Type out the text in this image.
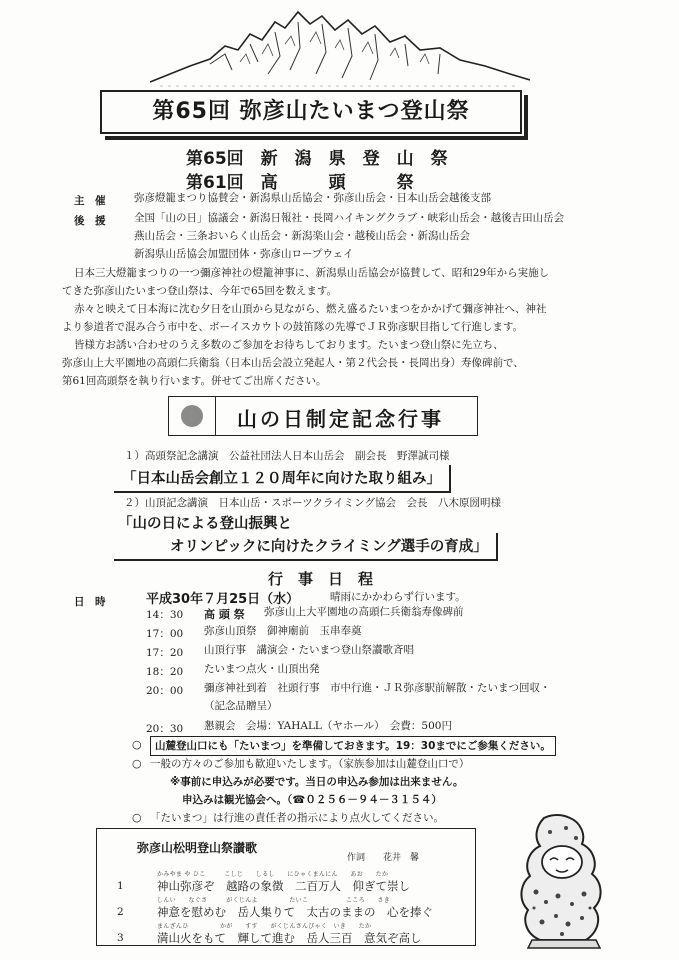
第65回 弥彦山たいまつ登山祭
第65回　新　潟　県　登　山　祭
第61回　高　　　頭　　　祭
主　催	弥彦燈籠まつり協賛会・新潟県山岳協会・弥彦山岳会・日本山岳会越後支部
後　援	全国「山の日」協議会・新潟日報社・長岡ハイキングクラブ・峡彩山岳会・越後吉田山岳会
燕山岳会・三条おいらく山岳会・新潟楽山会・越稜山岳会・新潟山岳会
新潟県山岳協会加盟団体・弥彦山ロープウェイ
日本三大燈籠まつりの一つ彌彦神社の燈籠神事に、新潟県山岳協会が協賛して、昭和29年から実施し
てきた弥彦山たいまつ登山祭は、今年で65回を数えます。
赤々と映えて日本海に沈む夕日を山頂から見ながら、燃え盛るたいまつをかかげて彌彦神社へ、神社
より参道者で混み合う市中を、ボーイスカウトの鼓笛隊の先導でＪＲ弥彦駅目指して行進します。
皆様方お誘い合わせのうえ多数のご参加をお待ちしております。たいまつ登山祭に先立ち、
弥彦山上大平園地の高頭仁兵衛翁（日本山岳会設立発起人・第２代会長・長岡出身）寿像碑前で、
第61回高頭祭を執り行います。併せてご出席ください。
山の日制定記念行事
１）高頭祭記念講演　公益社団法人日本山岳会　副会長　野澤誠司様
「日本山岳会創立１２０周年に向けた取り組み」
２）山頂記念講演　日本山岳・スポーツクライミング協会　会長　八木原圀明様
「山の日による登山振興と
オリンピックに向けたクライミング選手の育成」
行　事　日　程
日　時	平成30年７月25日（水）	晴雨にかかわらず行います。
14：30 高 頭 祭 弥彦山上大平園地の高頭仁兵衛翁寿像碑前
17：00 弥彦山頂祭　御神廟前　玉串奉奠
17：20 山頂行事　講演会・たいまつ登山祭讃歌斉唱
18：20 たいまつ点火・山頂出発
20：00 彌彦神社到着　社頭行事　市中行進・ＪＲ弥彦駅前解散・たいまつ回収・
（記念品贈呈）
20：30 懇親会　会場：YAHALL（ヤホール）　会費：500円
○	山麓登山口にも「たいまつ」を準備しておきます。19：30までにご参集ください。
○ 一般の方々のご参加も歓迎いたします。（家族参加は山麓登山口で）
※事前に申込みが必要です。当日の申込み参加は出来ません。
申込みは観光協会へ。（☎０２５６－９４－３１５４）
○ 「たいまつ」は行進の責任者の指示により点火してください。
弥彦山松明登山祭讃歌
作詞 花井　馨
かみやま や ひこ　　　こしじ　　しるし　　にひゃくまんにん　　あお　　たか
1	神山弥彦ぞ　越路の象徴　二百万人　仰ぎて崇し
しんい　　なぐさ　　　がくじんよ　　　　　たいこ　　　　　　こころ　　さき
2	神意を慰めむ　岳人集りて　太古のままの　心を捧ぐ
まんざんひ　　　　　かが　　すす　　がくじんさんびゃく　いき　　たか
3	満山火をもて　輝して進む　岳人三百　意気ぞ高し
